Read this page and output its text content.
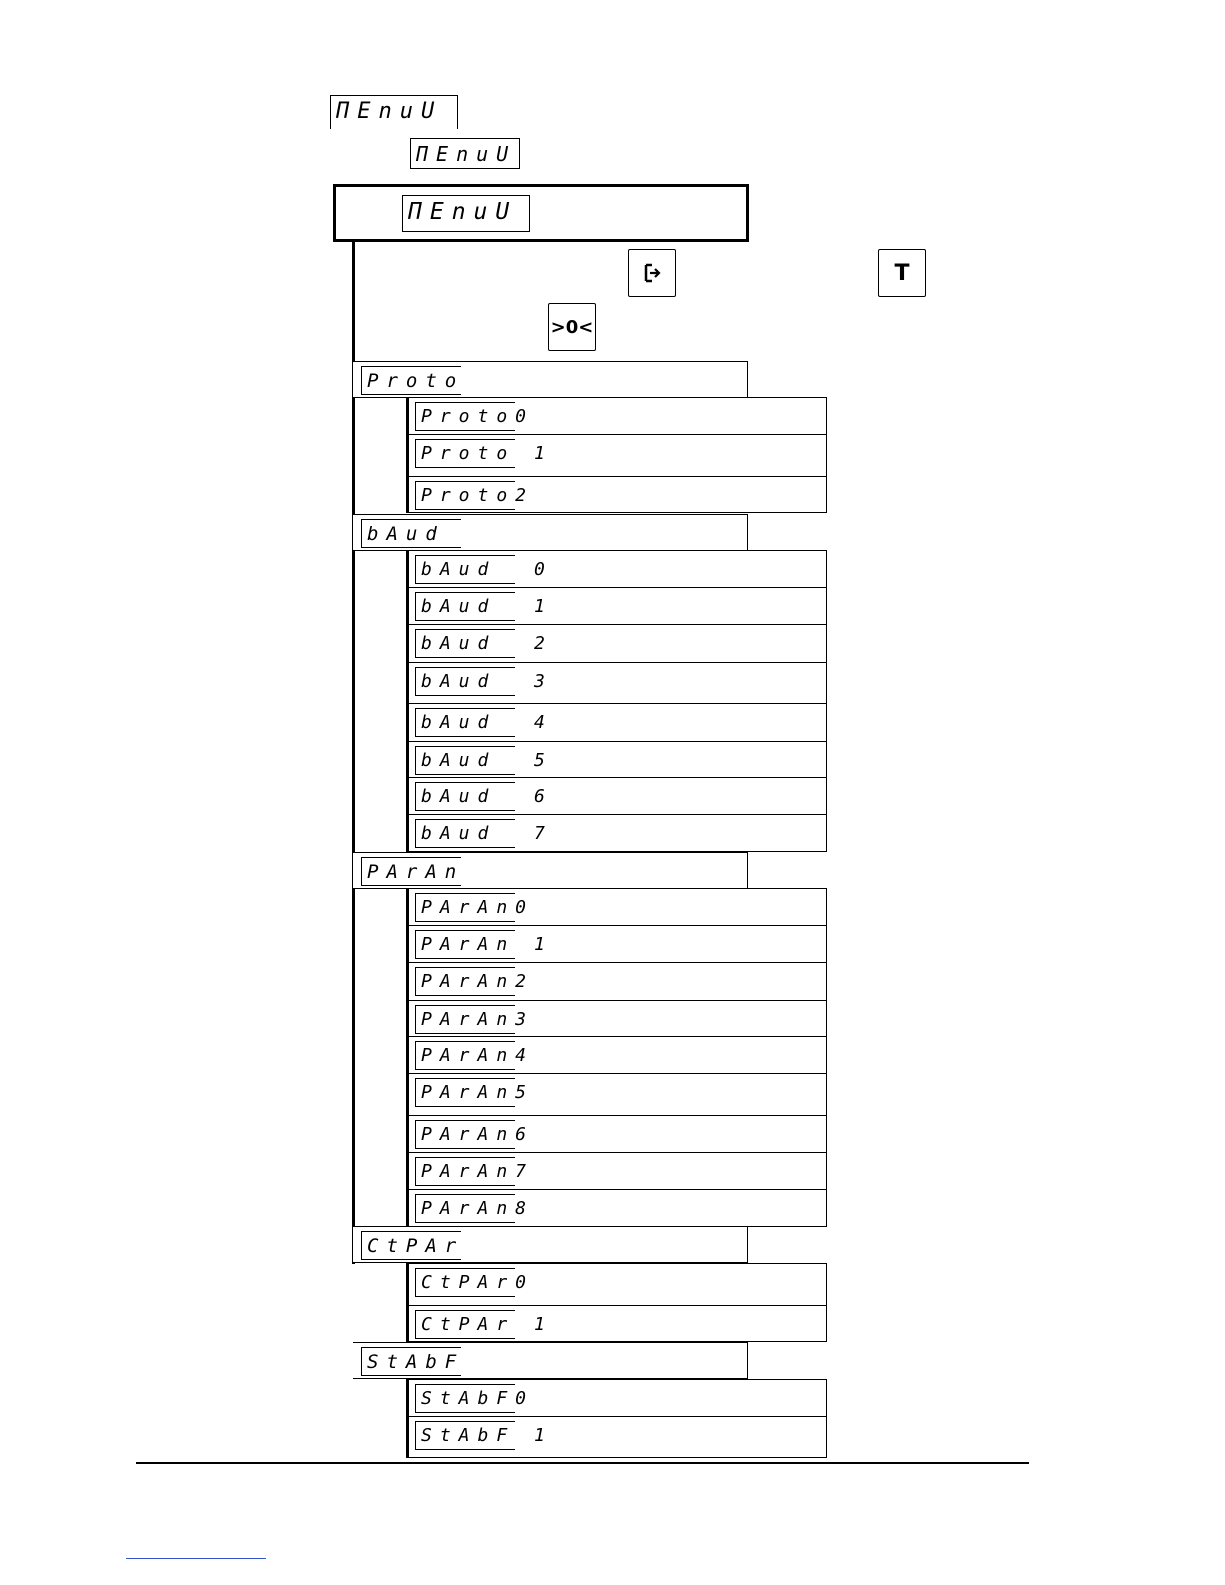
ΠEnuU
ΠEnuU
ΠEnuU
T
>0<
Proto
Proto0
Proto 1
Proto2
bAud
bAud  0
bAud  1
bAud  2
bAud  3
bAud  4
bAud  5
bAud  6
bAud  7
PArAn
PArAn0
PArAn 1
PArAn2
PArAn3
PArAn4
PArAn5
PArAn6
PArAn7
PArAn8
CtPAr
CtPAr0
CtPAr 1
StAbF
StAbF0
StAbF 1
